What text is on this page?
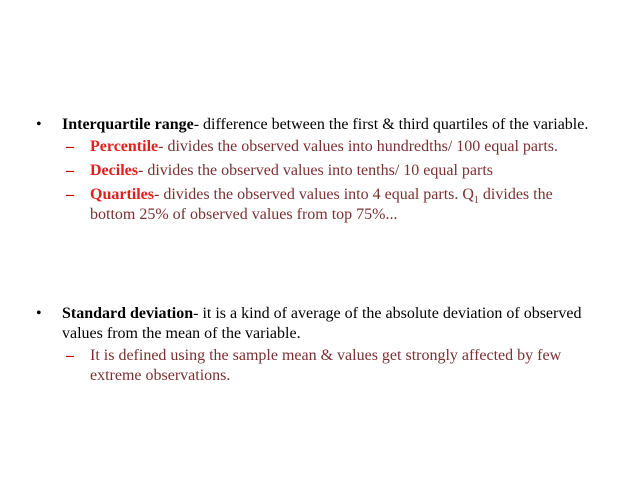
• Interquartile range- difference between the first & third quartiles of the variable.
– Percentile- divides the observed values into hundredths/ 100 equal parts.
– Deciles- divides the observed values into tenths/ 10 equal parts
– Quartiles- divides the observed values into 4 equal parts. $Q_1$ divides the bottom 25% of observed values from top 75%...
• Standard deviation- it is a kind of average of the absolute deviation of observed values from the mean of the variable.
– It is defined using the sample mean & values get strongly affected by few extreme observations.
